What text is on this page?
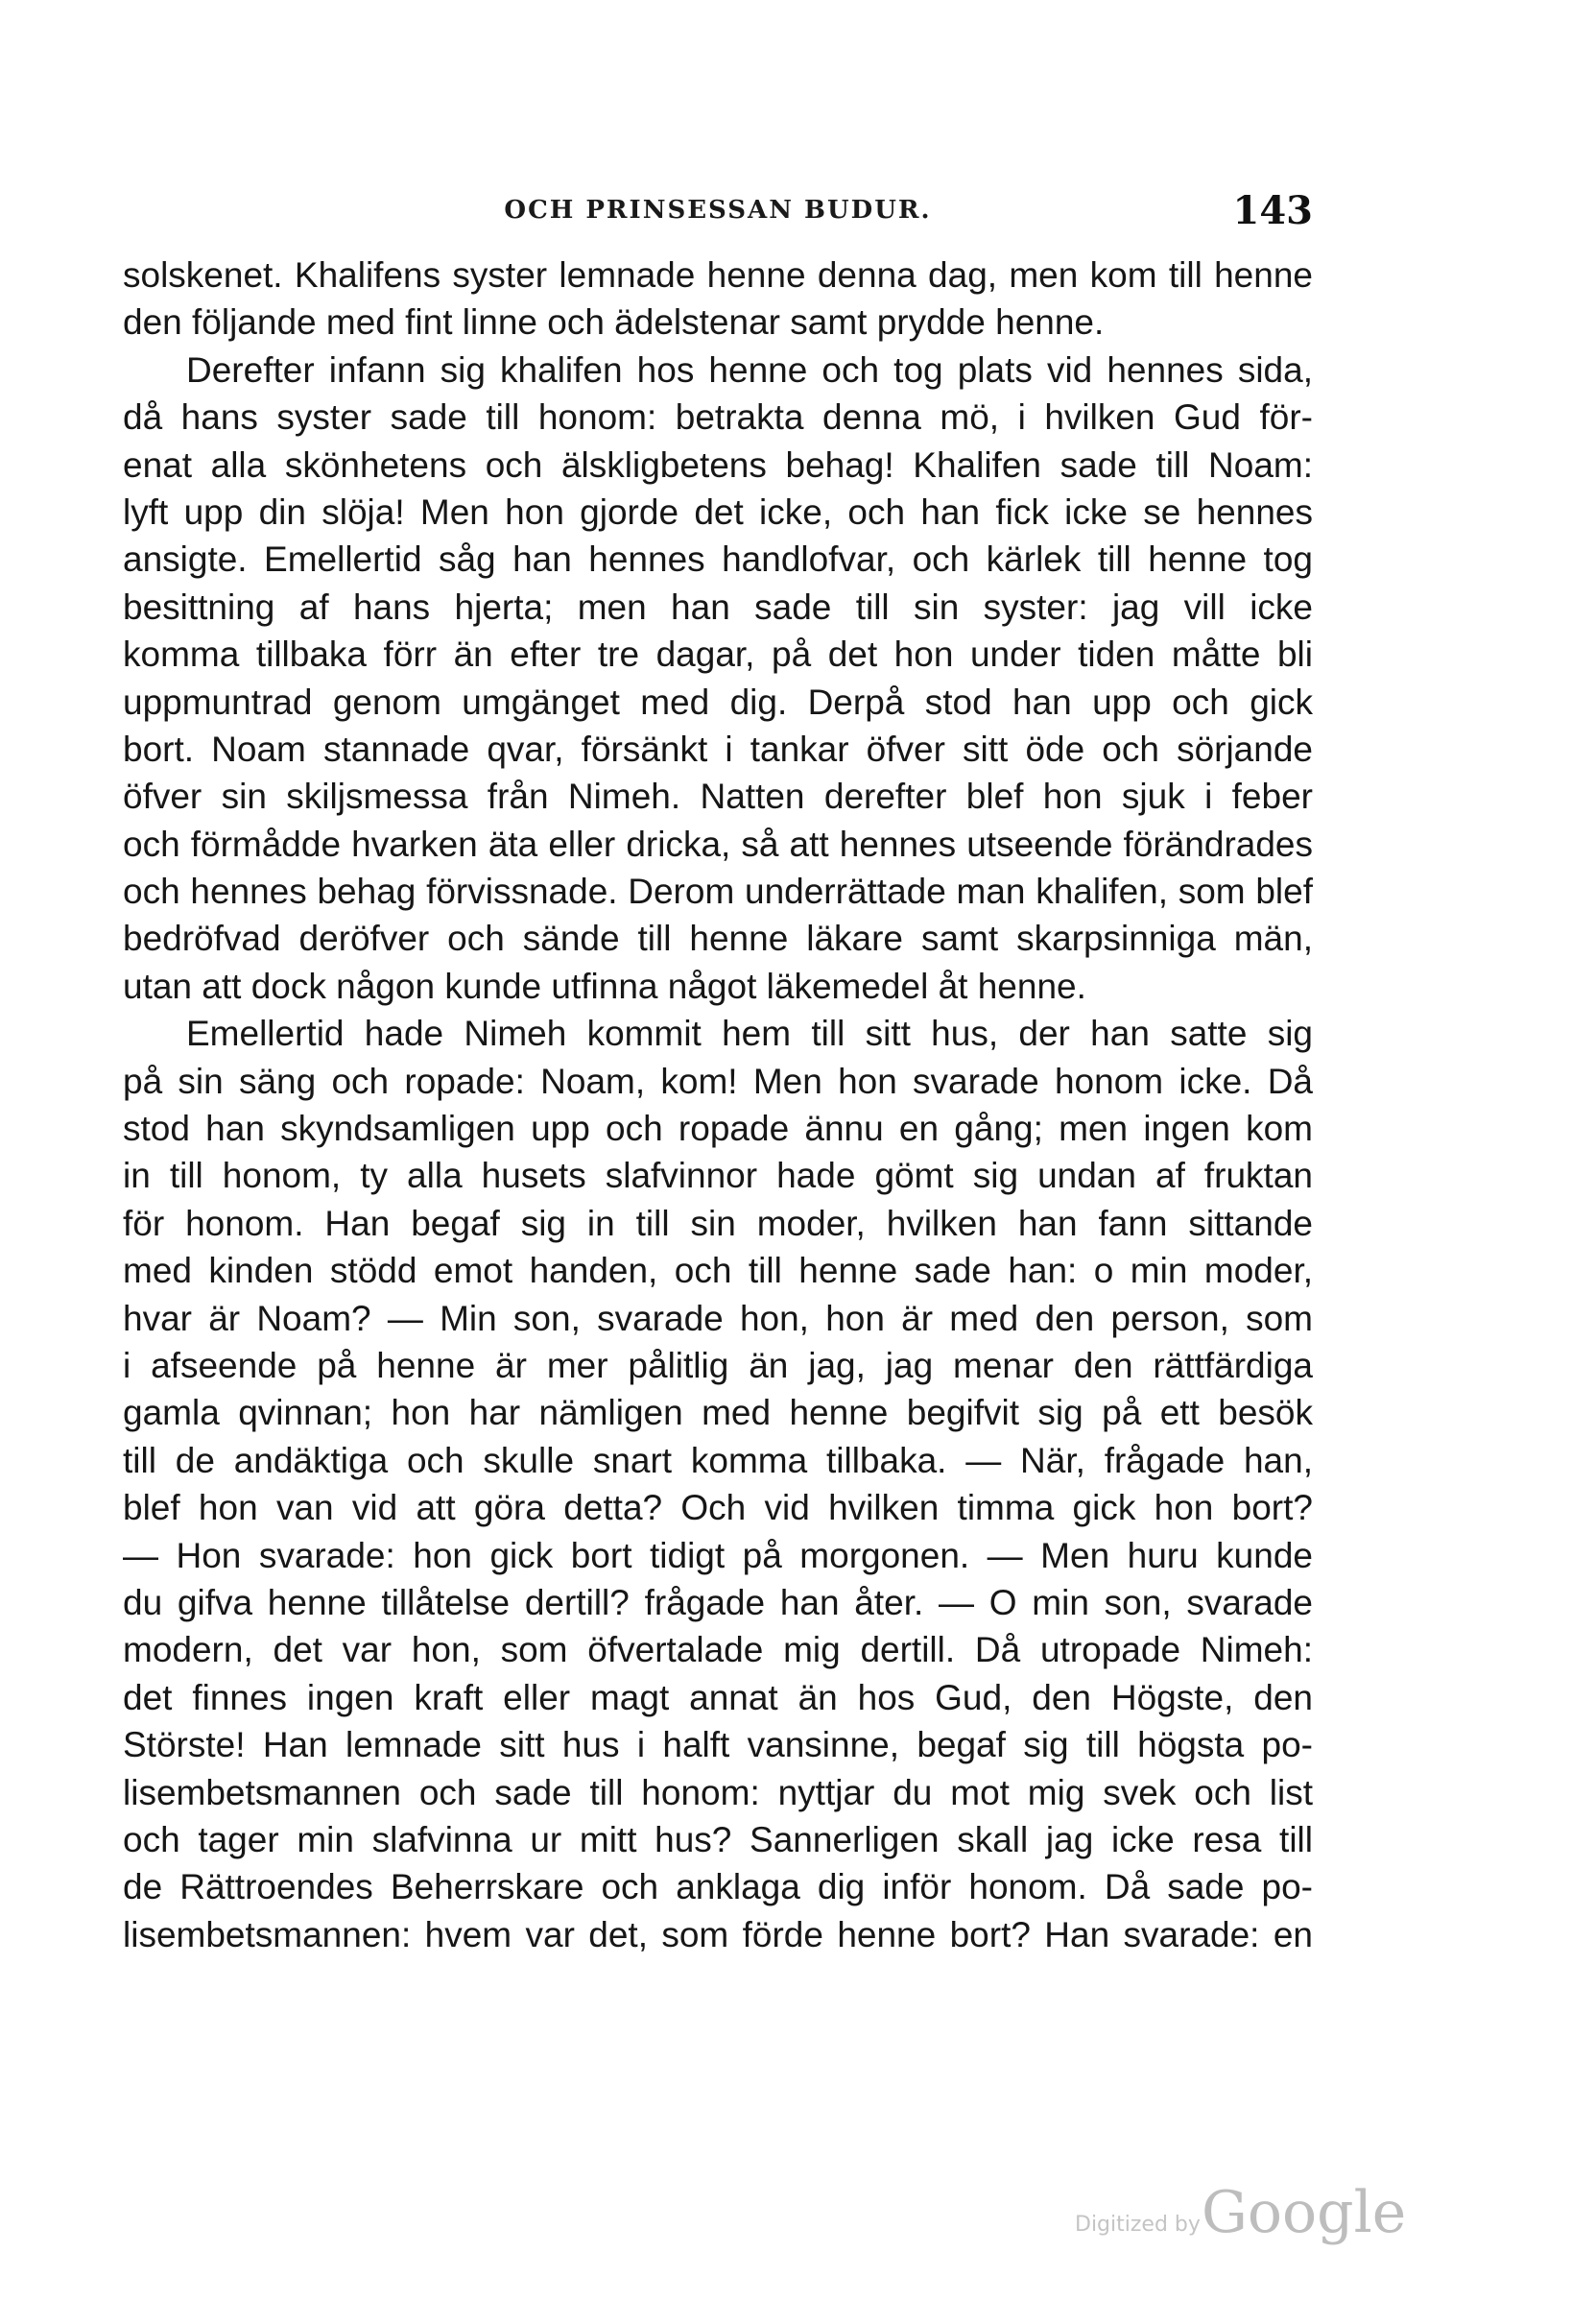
OCH PRINSESSAN BUDUR.	143
solskenet. Khalifens syster lemnade henne denna dag, men kom till henne
den följande med fint linne och ädelstenar samt prydde henne.
Derefter infann sig khalifen hos henne och tog plats vid hennes sida,
då hans syster sade till honom: betrakta denna mö, i hvilken Gud för-
enat alla skönhetens och älskligbetens behag! Khalifen sade till Noam:
lyft upp din slöja! Men hon gjorde det icke, och han fick icke se hennes
ansigte. Emellertid såg han hennes handlofvar, och kärlek till henne tog
besittning af hans hjerta; men han sade till sin syster: jag vill icke
komma tillbaka förr än efter tre dagar, på det hon under tiden måtte bli
uppmuntrad genom umgänget med dig. Derpå stod han upp och gick
bort. Noam stannade qvar, försänkt i tankar öfver sitt öde och sörjande
öfver sin skiljsmessa från Nimeh. Natten derefter blef hon sjuk i feber
och förmådde hvarken äta eller dricka, så att hennes utseende förändrades
och hennes behag förvissnade. Derom underrättade man khalifen, som blef
bedröfvad deröfver och sände till henne läkare samt skarpsinniga män,
utan att dock någon kunde utfinna något läkemedel åt henne.
Emellertid hade Nimeh kommit hem till sitt hus, der han satte sig
på sin säng och ropade: Noam, kom! Men hon svarade honom icke. Då
stod han skyndsamligen upp och ropade ännu en gång; men ingen kom
in till honom, ty alla husets slafvinnor hade gömt sig undan af fruktan
för honom. Han begaf sig in till sin moder, hvilken han fann sittande
med kinden stödd emot handen, och till henne sade han: o min moder,
hvar är Noam? — Min son, svarade hon, hon är med den person, som
i afseende på henne är mer pålitlig än jag, jag menar den rättfärdiga
gamla qvinnan; hon har nämligen med henne begifvit sig på ett besök
till de andäktiga och skulle snart komma tillbaka. — När, frågade han,
blef hon van vid att göra detta? Och vid hvilken timma gick hon bort?
— Hon svarade: hon gick bort tidigt på morgonen. — Men huru kunde
du gifva henne tillåtelse dertill? frågade han åter. — O min son, svarade
modern, det var hon, som öfvertalade mig dertill. Då utropade Nimeh:
det finnes ingen kraft eller magt annat än hos Gud, den Högste, den
Störste! Han lemnade sitt hus i halft vansinne, begaf sig till högsta po-
lisembetsmannen och sade till honom: nyttjar du mot mig svek och list
och tager min slafvinna ur mitt hus? Sannerligen skall jag icke resa till
de Rättroendes Beherrskare och anklaga dig inför honom. Då sade po-
lisembetsmannen: hvem var det, som förde henne bort? Han svarade: en
Digitized by Google
